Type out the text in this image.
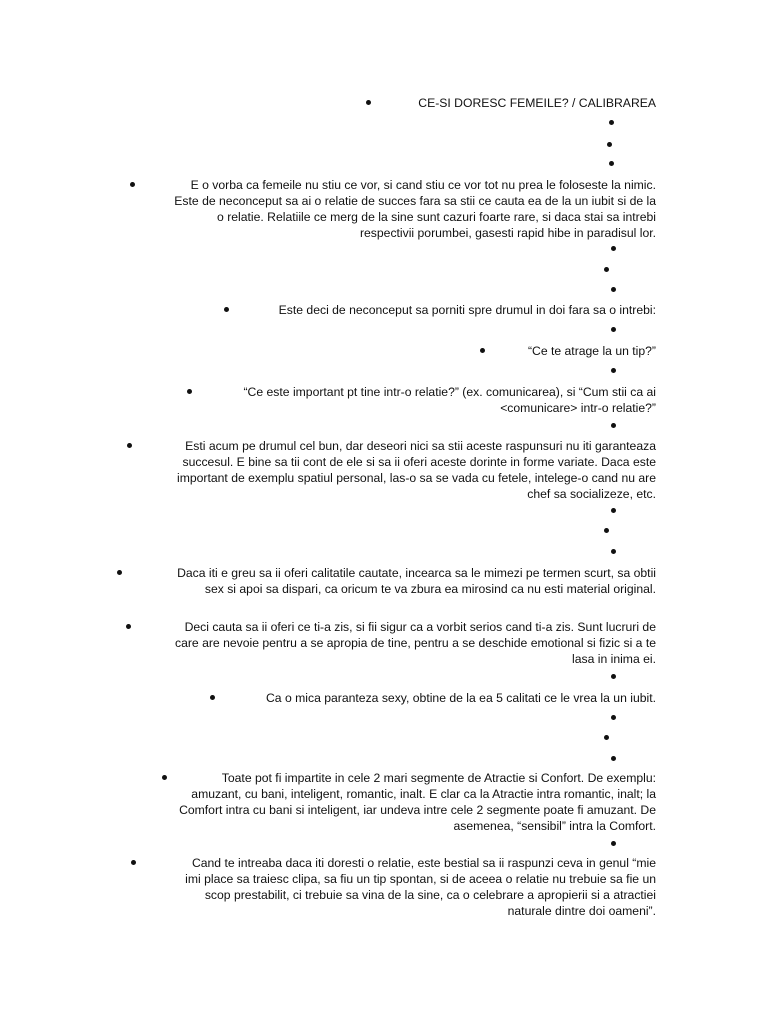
CE-SI DORESC FEMEILE? / CALIBRAREA
E o vorba ca femeile nu stiu ce vor, si cand stiu ce vor tot nu prea le foloseste la nimic.
Este de neconceput sa ai o relatie de succes fara sa stii ce cauta ea de la un iubit si de la
o relatie. Relatiile ce merg de la sine sunt cazuri foarte rare, si daca stai sa intrebi
respectivii porumbei, gasesti rapid hibe in paradisul lor.
Este deci de neconceput sa porniti spre drumul in doi fara sa o intrebi:
“Ce te atrage la un tip?”
“Ce este important pt tine intr-o relatie?” (ex. comunicarea), si “Cum stii ca ai
<comunicare> intr-o relatie?”
Esti acum pe drumul cel bun, dar deseori nici sa stii aceste raspunsuri nu iti garanteaza
succesul. E bine sa tii cont de ele si sa ii oferi aceste dorinte in forme variate. Daca este
important de exemplu spatiul personal, las-o sa se vada cu fetele, intelege-o cand nu are
chef sa socializeze, etc.
Daca iti e greu sa ii oferi calitatile cautate, incearca sa le mimezi pe termen scurt, sa obtii
sex si apoi sa dispari, ca oricum te va zbura ea mirosind ca nu esti material original.
Deci cauta sa ii oferi ce ti-a zis, si fii sigur ca a vorbit serios cand ti-a zis. Sunt lucruri de
care are nevoie pentru a se apropia de tine, pentru a se deschide emotional si fizic si a te
lasa in inima ei.
Ca o mica paranteza sexy, obtine de la ea 5 calitati ce le vrea la un iubit.
Toate pot fi impartite in cele 2 mari segmente de Atractie si Confort. De exemplu:
amuzant, cu bani, inteligent, romantic, inalt. E clar ca la Atractie intra romantic, inalt; la
Comfort intra cu bani si inteligent, iar undeva intre cele 2 segmente poate fi amuzant. De
asemenea, “sensibil” intra la Comfort.
Cand te intreaba daca iti doresti o relatie, este bestial sa ii raspunzi ceva in genul “mie
imi place sa traiesc clipa, sa fiu un tip spontan, si de aceea o relatie nu trebuie sa fie un
scop prestabilit, ci trebuie sa vina de la sine, ca o celebrare a apropierii si a atractiei
naturale dintre doi oameni”.
